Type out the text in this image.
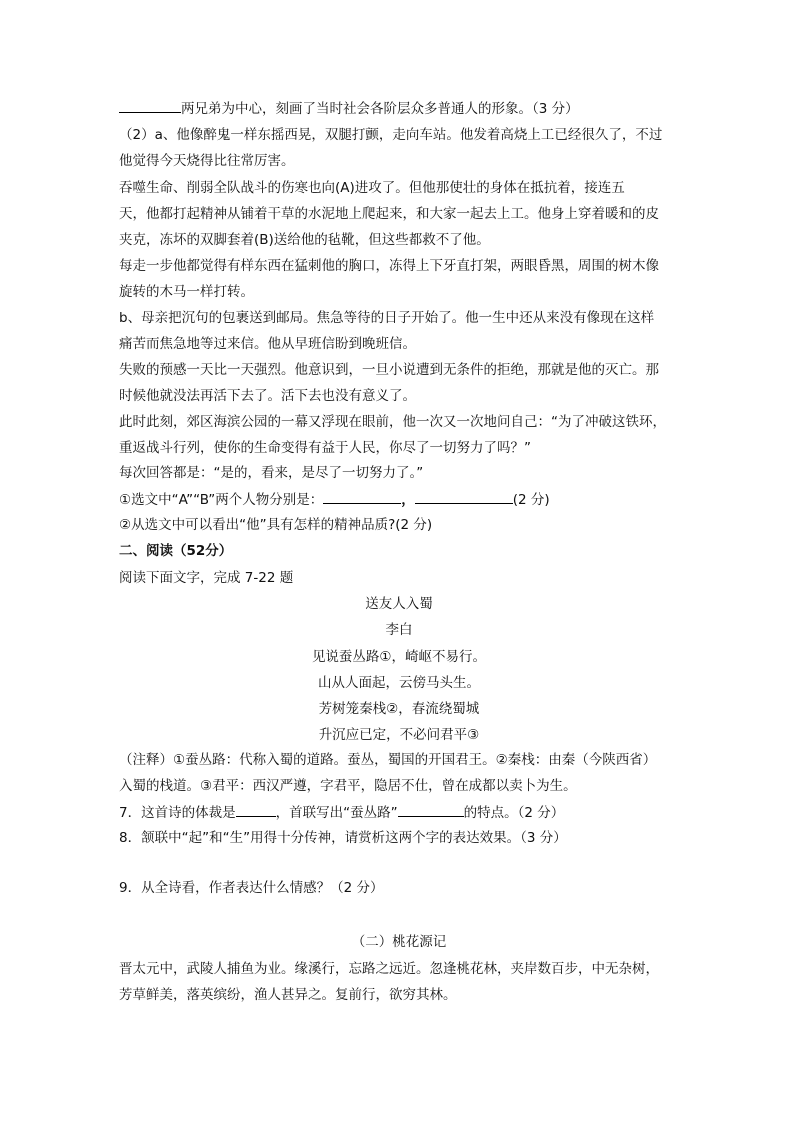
两兄弟为中心，刻画了当时社会各阶层众多普通人的形象。（3 分）
（2）a、他像醉鬼一样东摇西晃，双腿打颤，走向车站。他发着高烧上工已经很久了，不过
他觉得今天烧得比往常厉害。
吞噬生命、削弱全队战斗的伤寒也向(A)进攻了。但他那使壮的身体在抵抗着，接连五
天，他都打起精神从铺着干草的水泥地上爬起来，和大家一起去上工。他身上穿着暖和的皮
夹克，冻坏的双脚套着(B)送给他的毡靴，但这些都救不了他。
每走一步他都觉得有样东西在猛刺他的胸口，冻得上下牙直打架，两眼昏黑，周围的树木像
旋转的木马一样打转。
b、母亲把沉句的包裹送到邮局。焦急等待的日子开始了。他一生中还从来没有像现在这样
痛苦而焦急地等过来信。他从早班信盼到晚班信。
失败的预感一天比一天强烈。他意识到，一旦小说遭到无条件的拒绝，那就是他的灭亡。那
时候他就没法再活下去了。活下去也没有意义了。
此时此刻，郊区海滨公园的一幕又浮现在眼前，他一次又一次地问自己：“为了冲破这铁环，
重返战斗行列，使你的生命变得有益于人民，你尽了一切努力了吗？”
每次回答都是：“是的，看来，是尽了一切努力了。”
①选文中“A”“B”两个人物分别是：	，	(2 分)
②从选文中可以看出“他”具有怎样的精神品质?(2 分)
二、阅读（52分）
阅读下面文字，完成 7-22 题
送友人入蜀
李白
见说蚕丛路①，崎岖不易行。
山从人面起，云傍马头生。
芳树笼秦栈②，春流绕蜀城
升沉应已定，不必问君平③
（注释）①蚕丛路：代称入蜀的道路。蚕丛，蜀国的开国君王。②秦栈：由秦（今陕西省）
入蜀的栈道。③君平：西汉严遵，字君平，隐居不仕，曾在成都以卖卜为生。
7．这首诗的体裁是	，首联写出“蚕丛路”	的特点。（2 分）
8．颔联中“起”和“生”用得十分传神，请赏析这两个字的表达效果。（3 分）
9．从全诗看，作者表达什么情感？（2 分）
（二）桃花源记
晋太元中，武陵人捕鱼为业。缘溪行，忘路之远近。忽逢桃花林，夹岸数百步，中无杂树，
芳草鲜美，落英缤纷，渔人甚异之。复前行，欲穷其林。
